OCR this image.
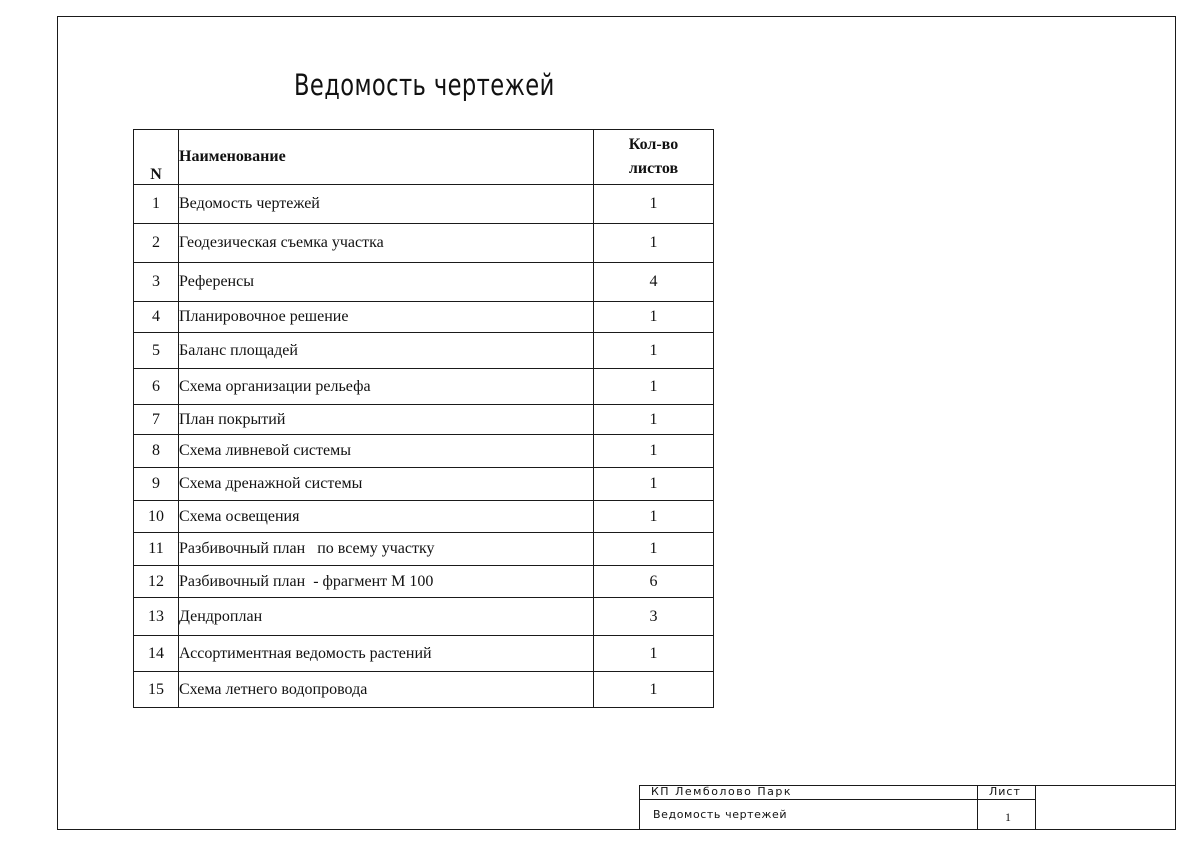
Ведомость чертежей
N	Наименование	Кол-во
листов

1	Ведомость чертежей	1
2	Геодезическая съемка участка	1
3	Референсы	4
4	Планировочное решение	1
5	Баланс площадей	1
6	Схема организации рельефа	1
7	План покрытий	1
8	Схема ливневой системы	1
9	Схема дренажной системы	1
10	Схема освещения	1
11	Разбивочный план   по всему участку	1
12	Разбивочный план  - фрагмент М 100	6
13	Дендроплан	3
14	Ассортиментная ведомость растений	1
15	Схема летнего водопровода	1
КП Лемболово Парк	Лист
Ведомость чертежей	1
